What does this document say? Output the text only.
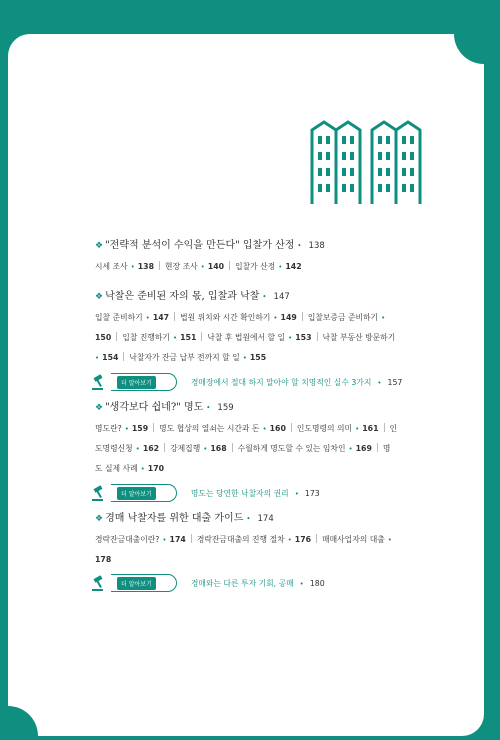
❖ "전략적 분석이 수익을 만든다" 입찰가 산정 • 138
시세 조사 • 138 현장 조사 • 140 입찰가 산정 • 142
❖ 낙찰은 준비된 자의 몫, 입찰과 낙찰 • 147
입찰 준비하기 • 147 법원 위치와 시간 확인하기 • 149 입찰보증금 준비하기 •
150 입찰 진행하기 • 151 낙찰 후 법원에서 할 일 • 153 낙찰 부동산 방문하기
• 154 낙찰자가 잔금 납부 전까지 할 일 • 155
더 알아보기	경매장에서 절대 하지 말아야 할 치명적인 실수 3가지 • 157
❖ "생각보다 쉽네?" 명도 • 159
명도란? • 159 명도 협상의 열쇠는 시간과 돈 • 160 인도명령의 의미 • 161 인
도명령신청 • 162 강제집행 • 168 수월하게 명도할 수 있는 임차인 • 169 명
도 실제 사례 • 170
더 알아보기	명도는 당연한 낙찰자의 권리 • 173
❖ 경매 낙찰자를 위한 대출 가이드 • 174
경락잔금대출이란? • 174 경락잔금대출의 진행 절차 • 176 매매사업자의 대출 •
178
더 알아보기	경매와는 다른 투자 기회, 공매 • 180
